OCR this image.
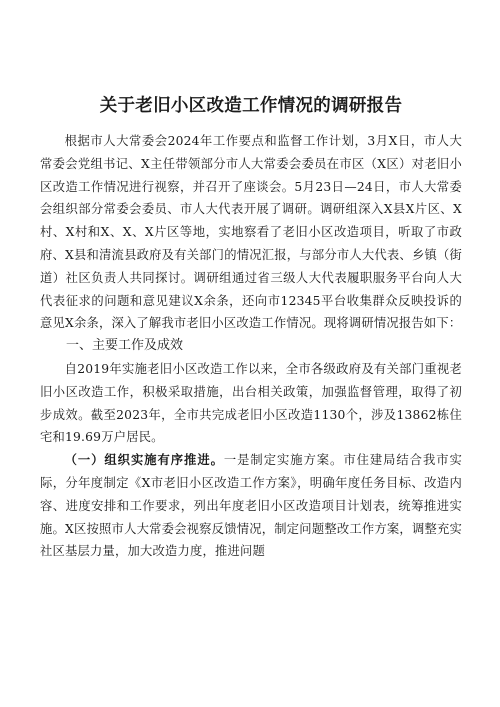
关于老旧小区改造工作情况的调研报告

根据市人大常委会2024年工作要点和监督工作计划，3月X日，市人大常委会党组书记、X主任带领部分市人大常委会委员在市区（X区）对老旧小区改造工作情况进行视察，并召开了座谈会。5月23日—24日，市人大常委会组织部分常委会委员、市人大代表开展了调研。调研组深入X县X片区、X村、X村和X、X、X片区等地，实地察看了老旧小区改造项目，听取了市政府、X县和清流县政府及有关部门的情况汇报，与部分市人大代表、乡镇（街道）社区负责人共同探讨。调研组通过省三级人大代表履职服务平台向人大代表征求的问题和意见建议X余条，还向市12345平台收集群众反映投诉的意见X余条，深入了解我市老旧小区改造工作情况。现将调研情况报告如下：

一、主要工作及成效

自2019年实施老旧小区改造工作以来，全市各级政府及有关部门重视老旧小区改造工作，积极采取措施，出台相关政策，加强监督管理，取得了初步成效。截至2023年，全市共完成老旧小区改造1130个，涉及13862栋住宅和19.69万户居民。

（一）组织实施有序推进。一是制定实施方案。市住建局结合我市实际，分年度制定《X市老旧小区改造工作方案》，明确年度任务目标、改造内容、进度安排和工作要求，列出年度老旧小区改造项目计划表，统筹推进实施。X区按照市人大常委会视察反馈情况，制定问题整改工作方案，调整充实社区基层力量，加大改造力度，推进问题
